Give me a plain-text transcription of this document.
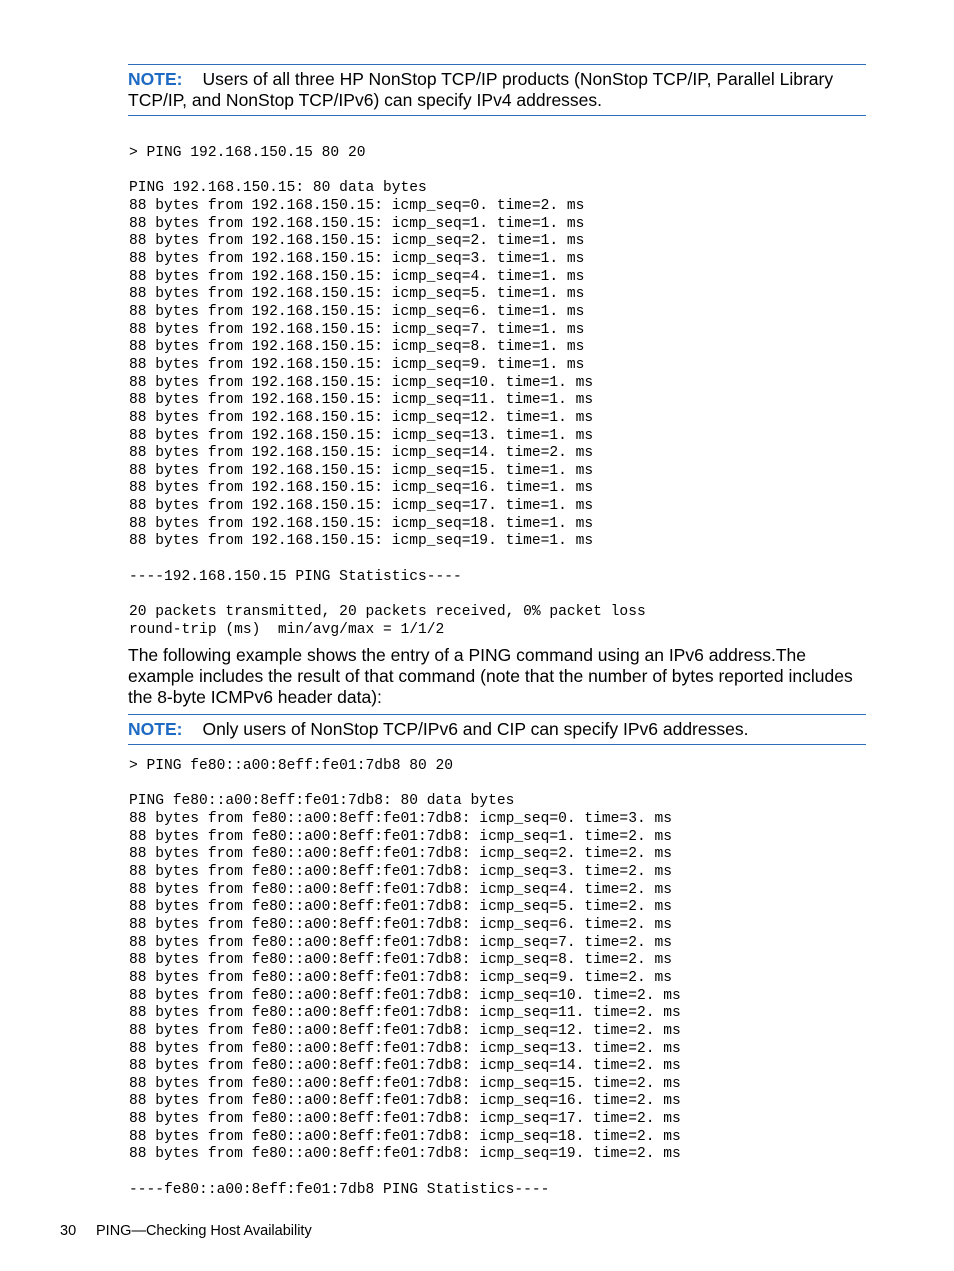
NOTE: Users of all three HP NonStop TCP/IP products (NonStop TCP/IP, Parallel Library TCP/IP, and NonStop TCP/IPv6) can specify IPv4 addresses.
> PING 192.168.150.15 80 20

PING 192.168.150.15: 80 data bytes
88 bytes from 192.168.150.15: icmp_seq=0. time=2. ms
88 bytes from 192.168.150.15: icmp_seq=1. time=1. ms
88 bytes from 192.168.150.15: icmp_seq=2. time=1. ms
88 bytes from 192.168.150.15: icmp_seq=3. time=1. ms
88 bytes from 192.168.150.15: icmp_seq=4. time=1. ms
88 bytes from 192.168.150.15: icmp_seq=5. time=1. ms
88 bytes from 192.168.150.15: icmp_seq=6. time=1. ms
88 bytes from 192.168.150.15: icmp_seq=7. time=1. ms
88 bytes from 192.168.150.15: icmp_seq=8. time=1. ms
88 bytes from 192.168.150.15: icmp_seq=9. time=1. ms
88 bytes from 192.168.150.15: icmp_seq=10. time=1. ms
88 bytes from 192.168.150.15: icmp_seq=11. time=1. ms
88 bytes from 192.168.150.15: icmp_seq=12. time=1. ms
88 bytes from 192.168.150.15: icmp_seq=13. time=1. ms
88 bytes from 192.168.150.15: icmp_seq=14. time=2. ms
88 bytes from 192.168.150.15: icmp_seq=15. time=1. ms
88 bytes from 192.168.150.15: icmp_seq=16. time=1. ms
88 bytes from 192.168.150.15: icmp_seq=17. time=1. ms
88 bytes from 192.168.150.15: icmp_seq=18. time=1. ms
88 bytes from 192.168.150.15: icmp_seq=19. time=1. ms

----192.168.150.15 PING Statistics----

20 packets transmitted, 20 packets received, 0% packet loss
round-trip (ms)  min/avg/max = 1/1/2

The following example shows the entry of a PING command using an IPv6 address.The example includes the result of that command (note that the number of bytes reported includes the 8-byte ICMPv6 header data):

NOTE: Only users of NonStop TCP/IPv6 and CIP can specify IPv6 addresses.
> PING fe80::a00:8eff:fe01:7db8 80 20

PING fe80::a00:8eff:fe01:7db8: 80 data bytes
88 bytes from fe80::a00:8eff:fe01:7db8: icmp_seq=0. time=3. ms
88 bytes from fe80::a00:8eff:fe01:7db8: icmp_seq=1. time=2. ms
88 bytes from fe80::a00:8eff:fe01:7db8: icmp_seq=2. time=2. ms
88 bytes from fe80::a00:8eff:fe01:7db8: icmp_seq=3. time=2. ms
88 bytes from fe80::a00:8eff:fe01:7db8: icmp_seq=4. time=2. ms
88 bytes from fe80::a00:8eff:fe01:7db8: icmp_seq=5. time=2. ms
88 bytes from fe80::a00:8eff:fe01:7db8: icmp_seq=6. time=2. ms
88 bytes from fe80::a00:8eff:fe01:7db8: icmp_seq=7. time=2. ms
88 bytes from fe80::a00:8eff:fe01:7db8: icmp_seq=8. time=2. ms
88 bytes from fe80::a00:8eff:fe01:7db8: icmp_seq=9. time=2. ms
88 bytes from fe80::a00:8eff:fe01:7db8: icmp_seq=10. time=2. ms
88 bytes from fe80::a00:8eff:fe01:7db8: icmp_seq=11. time=2. ms
88 bytes from fe80::a00:8eff:fe01:7db8: icmp_seq=12. time=2. ms
88 bytes from fe80::a00:8eff:fe01:7db8: icmp_seq=13. time=2. ms
88 bytes from fe80::a00:8eff:fe01:7db8: icmp_seq=14. time=2. ms
88 bytes from fe80::a00:8eff:fe01:7db8: icmp_seq=15. time=2. ms
88 bytes from fe80::a00:8eff:fe01:7db8: icmp_seq=16. time=2. ms
88 bytes from fe80::a00:8eff:fe01:7db8: icmp_seq=17. time=2. ms
88 bytes from fe80::a00:8eff:fe01:7db8: icmp_seq=18. time=2. ms
88 bytes from fe80::a00:8eff:fe01:7db8: icmp_seq=19. time=2. ms

----fe80::a00:8eff:fe01:7db8 PING Statistics----

30 PING—Checking Host Availability
